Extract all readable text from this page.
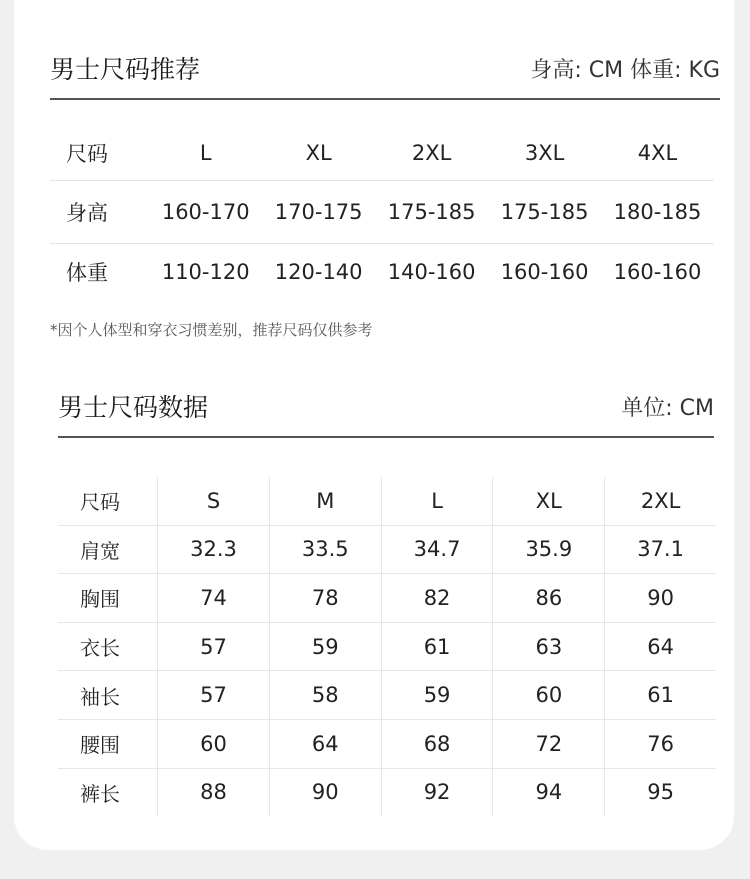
男士尺码推荐	身高: CM 体重: KG
尺码	L	XL	2XL	3XL	4XL
身高	160-170	170-175	175-185	175-185	180-185
体重	110-120	120-140	140-160	160-160	160-160
*因个人体型和穿衣习惯差别，推荐尺码仅供参考
男士尺码数据	单位: CM
尺码	S	M	L	XL	2XL
肩宽	32.3	33.5	34.7	35.9	37.1
胸围	74	78	82	86	90
衣长	57	59	61	63	64
袖长	57	58	59	60	61
腰围	60	64	68	72	76
裤长	88	90	92	94	95
